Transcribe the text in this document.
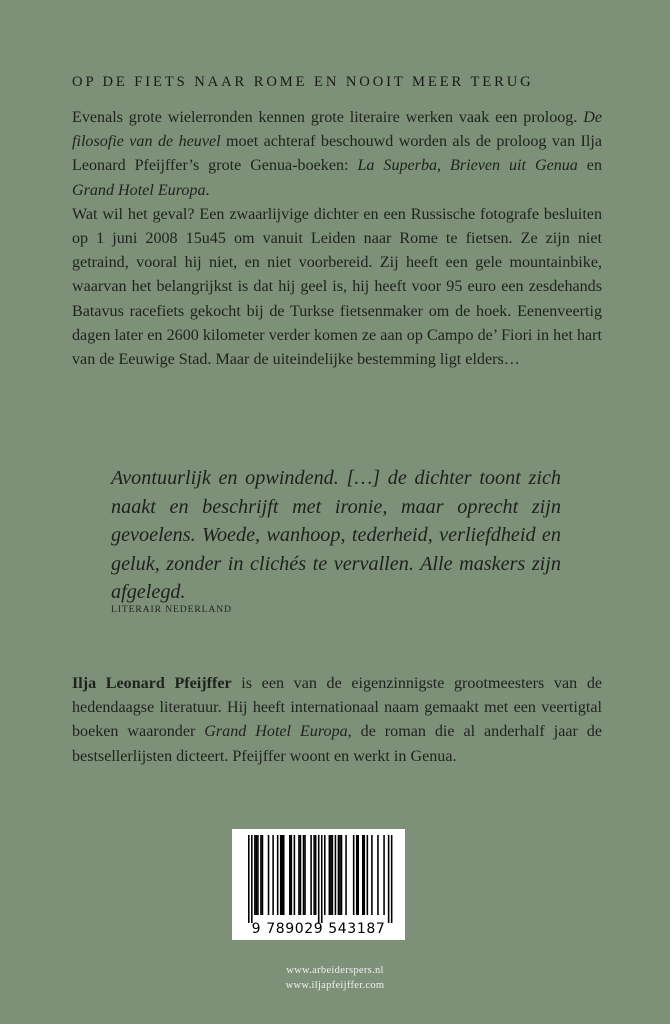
OP DE FIETS NAAR ROME EN NOOIT MEER TERUG

Evenals grote wielerronden kennen grote literaire werken vaak een proloog. De filosofie van de heuvel moet achteraf beschouwd worden als de proloog van Ilja Leonard Pfeijffer’s grote Genua-boeken: La Superba, Brieven uit Genua en Grand Hotel Europa.

Wat wil het geval? Een zwaarlijvige dichter en een Russische fotografe besluiten op 1 juni 2008 15u45 om vanuit Leiden naar Rome te fietsen. Ze zijn niet getraind, vooral hij niet, en niet voorbereid. Zij heeft een gele mountainbike, waarvan het belangrijkst is dat hij geel is, hij heeft voor 95 euro een zesdehands Batavus racefiets gekocht bij de Turkse fietsenmaker om de hoek. Eenenveertig dagen later en 2600 kilometer verder komen ze aan op Campo de’ Fiori in het hart van de Eeuwige Stad. Maar de uiteindelijke bestemming ligt elders…

Avontuurlijk en opwindend. […] de dichter toont zich naakt en beschrijft met ironie, maar oprecht zijn gevoelens. Woede, wanhoop, tederheid, verliefdheid en geluk, zonder in clichés te vervallen. Alle maskers zijn afgelegd.
LITERAIR NEDERLAND

Ilja Leonard Pfeijffer is een van de eigenzinnigste grootmeesters van de hedendaagse literatuur. Hij heeft internationaal naam gemaakt met een veertigtal boeken waaronder Grand Hotel Europa, de roman die al anderhalf jaar de bestsellerlijsten dicteert. Pfeijffer woont en werkt in Genua.

9 789029 543187
www.arbeiderspers.nl
www.iljapfeijffer.com
